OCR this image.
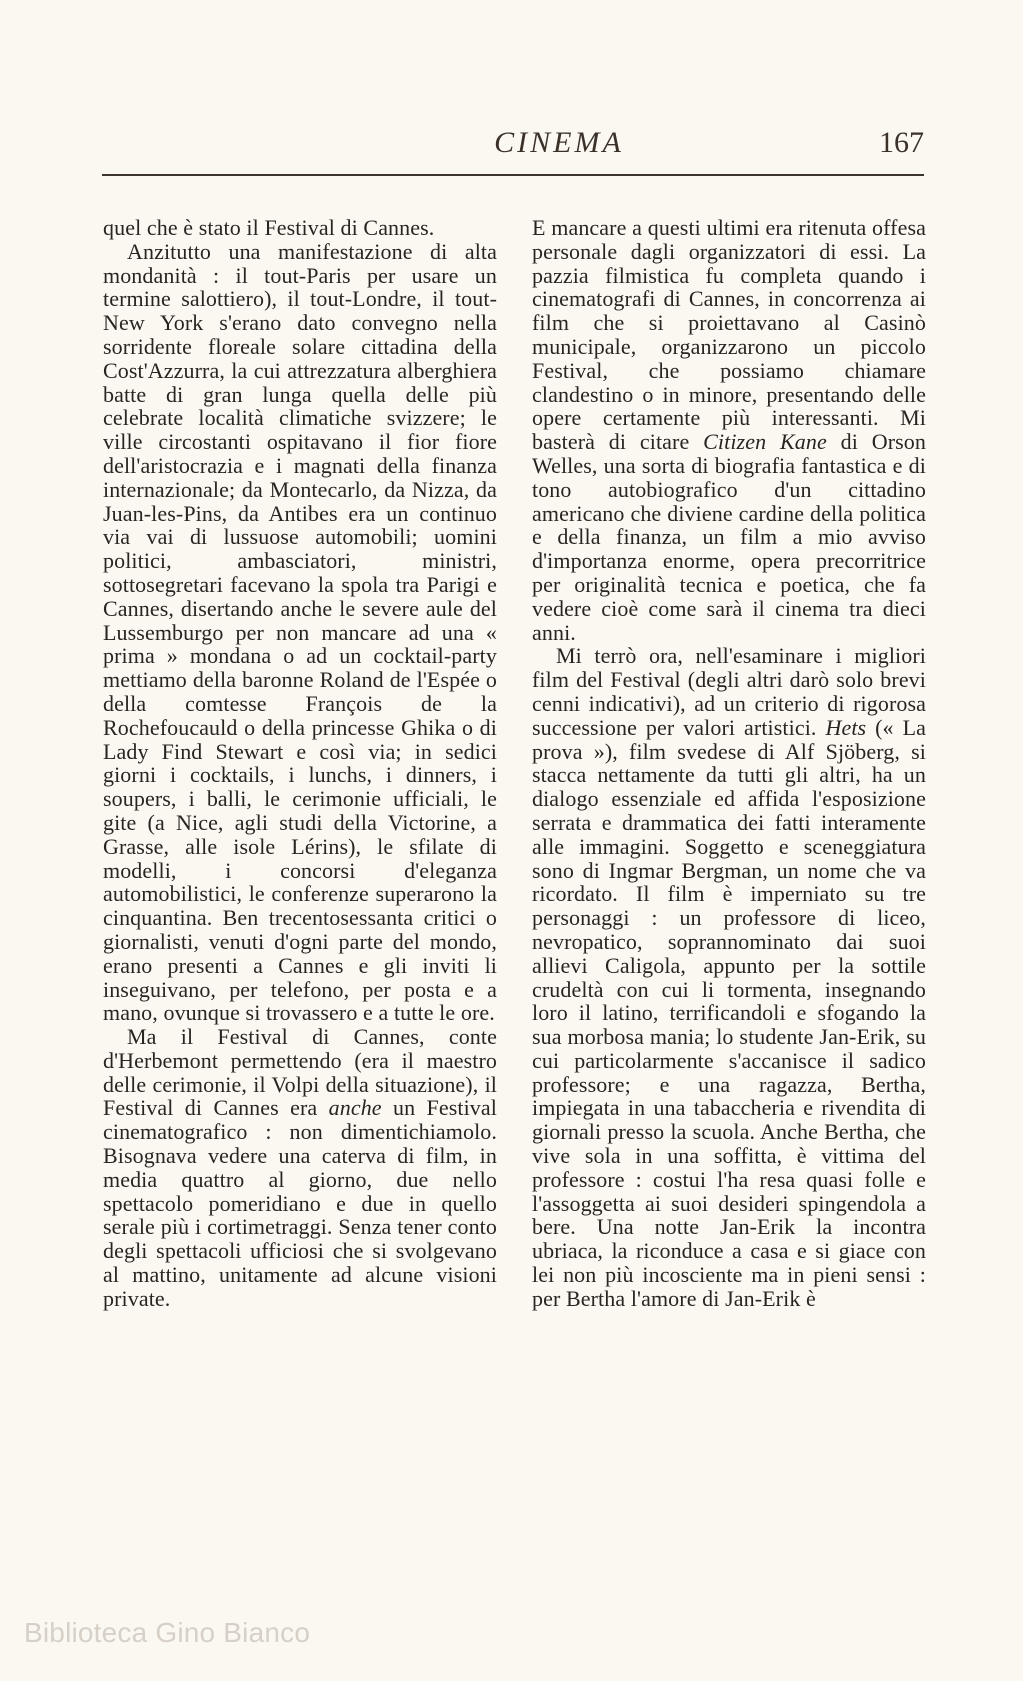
CINEMA	167

quel che è stato il Festival di Cannes.

Anzitutto una manifestazione di alta mondanità : il tout-Paris per usare un termine salottiero), il tout-Londre, il tout-New York s'erano dato convegno nella sorridente floreale solare cittadina della Cost'Azzurra, la cui attrezzatura alberghiera batte di gran lunga quella delle più celebrate località climatiche svizzere; le ville circostanti ospitavano il fior fiore dell'aristocrazia e i magnati della finanza internazionale; da Montecarlo, da Nizza, da Juan-les-Pins, da Antibes era un continuo via vai di lussuose automobili; uomini politici, ambasciatori, ministri, sottosegretari facevano la spola tra Parigi e Cannes, disertando anche le severe aule del Lussemburgo per non mancare ad una « prima » mondana o ad un cocktail-party mettiamo della baronne Roland de l'Espée o della comtesse François de la Rochefoucauld o della princesse Ghika o di Lady Find Stewart e così via; in sedici giorni i cocktails, i lunchs, i dinners, i soupers, i balli, le cerimonie ufficiali, le gite (a Nice, agli studi della Victorine, a Grasse, alle isole Lérins), le sfilate di modelli, i concorsi d'eleganza automobilistici, le conferenze superarono la cinquantina. Ben trecentosessanta critici o giornalisti, venuti d'ogni parte del mondo, erano presenti a Cannes e gli inviti li inseguivano, per telefono, per posta e a mano, ovunque si trovassero e a tutte le ore.

Ma il Festival di Cannes, conte d'Herbemont permettendo (era il maestro delle cerimonie, il Volpi della situazione), il Festival di Cannes era anche un Festival cinematografico : non dimentichiamolo. Bisognava vedere una caterva di film, in media quattro al giorno, due nello spettacolo pomeridiano e due in quello serale più i cortimetraggi. Senza tener conto degli spettacoli ufficiosi che si svolgevano al mattino, unitamente ad alcune visioni private.

E mancare a questi ultimi era ritenuta offesa personale dagli organizzatori di essi. La pazzia filmistica fu completa quando i cinematografi di Cannes, in concorrenza ai film che si proiettavano al Casinò municipale, organizzarono un piccolo Festival, che possiamo chiamare clandestino o in minore, presentando delle opere certamente più interessanti. Mi basterà di citare Citizen Kane di Orson Welles, una sorta di biografia fantastica e di tono autobiografico d'un cittadino americano che diviene cardine della politica e della finanza, un film a mio avviso d'importanza enorme, opera precorritrice per originalità tecnica e poetica, che fa vedere cioè come sarà il cinema tra dieci anni.

Mi terrò ora, nell'esaminare i migliori film del Festival (degli altri darò solo brevi cenni indicativi), ad un criterio di rigorosa successione per valori artistici. Hets (« La prova »), film svedese di Alf Sjöberg, si stacca nettamente da tutti gli altri, ha un dialogo essenziale ed affida l'esposizione serrata e drammatica dei fatti interamente alle immagini. Soggetto e sceneggiatura sono di Ingmar Bergman, un nome che va ricordato. Il film è imperniato su tre personaggi : un professore di liceo, nevropatico, soprannominato dai suoi allievi Caligola, appunto per la sottile crudeltà con cui li tormenta, insegnando loro il latino, terrificandoli e sfogando la sua morbosa mania; lo studente Jan-Erik, su cui particolarmente s'accanisce il sadico professore; e una ragazza, Bertha, impiegata in una tabaccheria e rivendita di giornali presso la scuola. Anche Bertha, che vive sola in una soffitta, è vittima del professore : costui l'ha resa quasi folle e l'assoggetta ai suoi desideri spingendola a bere. Una notte Jan-Erik la incontra ubriaca, la riconduce a casa e si giace con lei non più incosciente ma in pieni sensi : per Bertha l'amore di Jan-Erik è

Biblioteca Gino Bianco
